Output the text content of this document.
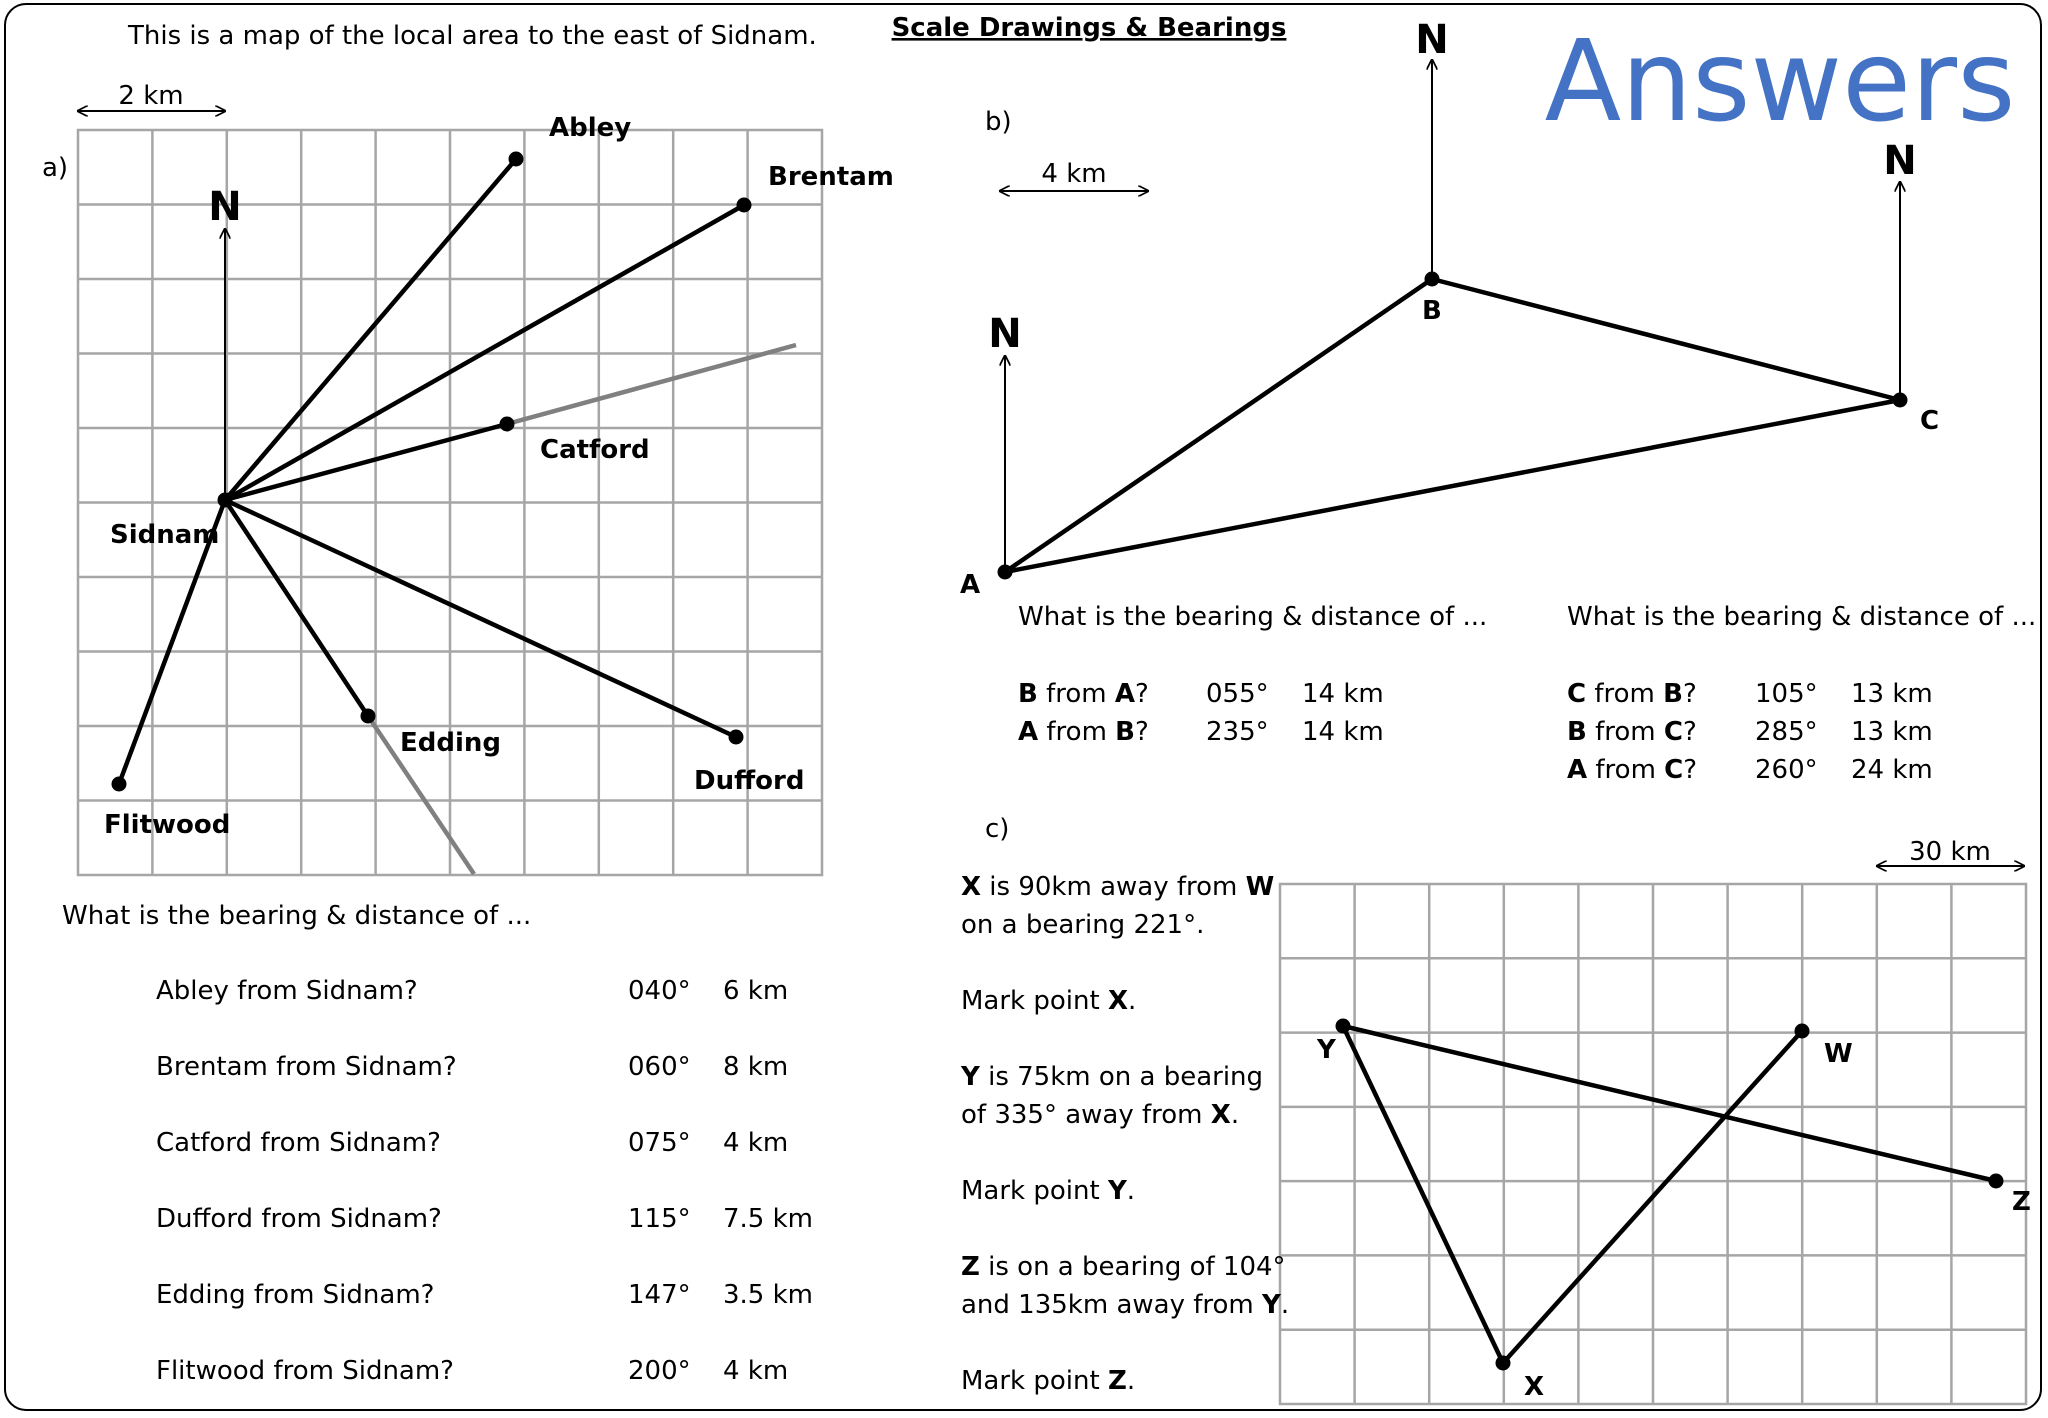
Scale Drawings & Bearings Answers
This is a map of the local area to the east of Sidnam.
a)
2 km
N
Abley
Brentam
Catford
Sidnam
Edding
Dufford
Flitwood
What is the bearing & distance of ...
Abley from Sidnam?	040° 6 km
Brentam from Sidnam?	060° 8 km
Catford from Sidnam?	075° 4 km
Dufford from Sidnam?	115° 7.5 km
Edding from Sidnam?	147° 3.5 km
Flitwood from Sidnam?	200° 4 km
b)
4 km
N
N
N
A
B
C
What is the bearing & distance of ...	What is the bearing & distance of ...
B from A? 055° 14 km
A from B? 235° 14 km
C from B? 105° 13 km
B from C? 285° 13 km
A from C? 260° 24 km
c)
30 km
Y	W
Z
X
X is 90km away from W
on a bearing 221°.
Mark point X.
Y is 75km on a bearing
of 335° away from X.
Mark point Y.
Z is on a bearing of 104°
and 135km away from Y.
Mark point Z.
